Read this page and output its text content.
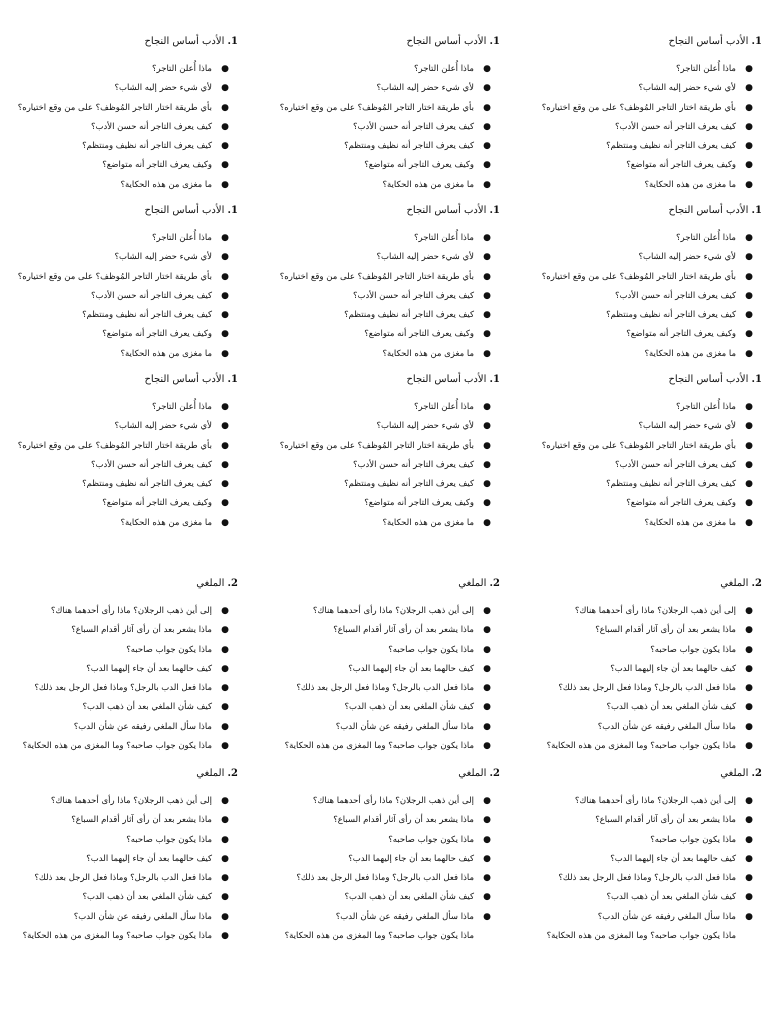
1. الأدب أساس النجاح
●
ماذا أُعلن التاجر؟
●
لأي شيء حضر إليه الشاب؟
●
بأي طريقة اختار التاجر المُوظف؟ على من وقع اختياره؟
●
كيف يعرف التاجر أنه حسن الأدب؟
●
كيف يعرف التاجر أنه نظيف ومنتظم؟
●
وكيف يعرف التاجر أنه متواضع؟
●
ما مغزى من هذه الحكاية؟
1. الأدب أساس النجاح
●
ماذا أُعلن التاجر؟
●
لأي شيء حضر إليه الشاب؟
●
بأي طريقة اختار التاجر المُوظف؟ على من وقع اختياره؟
●
كيف يعرف التاجر أنه حسن الأدب؟
●
كيف يعرف التاجر أنه نظيف ومنتظم؟
●
وكيف يعرف التاجر أنه متواضع؟
●
ما مغزى من هذه الحكاية؟
1. الأدب أساس النجاح
●
ماذا أُعلن التاجر؟
●
لأي شيء حضر إليه الشاب؟
●
بأي طريقة اختار التاجر المُوظف؟ على من وقع اختياره؟
●
كيف يعرف التاجر أنه حسن الأدب؟
●
كيف يعرف التاجر أنه نظيف ومنتظم؟
●
وكيف يعرف التاجر أنه متواضع؟
●
ما مغزى من هذه الحكاية؟
1. الأدب أساس النجاح
●
ماذا أُعلن التاجر؟
●
لأي شيء حضر إليه الشاب؟
●
بأي طريقة اختار التاجر المُوظف؟ على من وقع اختياره؟
●
كيف يعرف التاجر أنه حسن الأدب؟
●
كيف يعرف التاجر أنه نظيف ومنتظم؟
●
وكيف يعرف التاجر أنه متواضع؟
●
ما مغزى من هذه الحكاية؟
1. الأدب أساس النجاح
●
ماذا أُعلن التاجر؟
●
لأي شيء حضر إليه الشاب؟
●
بأي طريقة اختار التاجر المُوظف؟ على من وقع اختياره؟
●
كيف يعرف التاجر أنه حسن الأدب؟
●
كيف يعرف التاجر أنه نظيف ومنتظم؟
●
وكيف يعرف التاجر أنه متواضع؟
●
ما مغزى من هذه الحكاية؟
1. الأدب أساس النجاح
●
ماذا أُعلن التاجر؟
●
لأي شيء حضر إليه الشاب؟
●
بأي طريقة اختار التاجر المُوظف؟ على من وقع اختياره؟
●
كيف يعرف التاجر أنه حسن الأدب؟
●
كيف يعرف التاجر أنه نظيف ومنتظم؟
●
وكيف يعرف التاجر أنه متواضع؟
●
ما مغزى من هذه الحكاية؟
1. الأدب أساس النجاح
●
ماذا أُعلن التاجر؟
●
لأي شيء حضر إليه الشاب؟
●
بأي طريقة اختار التاجر المُوظف؟ على من وقع اختياره؟
●
كيف يعرف التاجر أنه حسن الأدب؟
●
كيف يعرف التاجر أنه نظيف ومنتظم؟
●
وكيف يعرف التاجر أنه متواضع؟
●
ما مغزى من هذه الحكاية؟
1. الأدب أساس النجاح
●
ماذا أُعلن التاجر؟
●
لأي شيء حضر إليه الشاب؟
●
بأي طريقة اختار التاجر المُوظف؟ على من وقع اختياره؟
●
كيف يعرف التاجر أنه حسن الأدب؟
●
كيف يعرف التاجر أنه نظيف ومنتظم؟
●
وكيف يعرف التاجر أنه متواضع؟
●
ما مغزى من هذه الحكاية؟
1. الأدب أساس النجاح
●
ماذا أُعلن التاجر؟
●
لأي شيء حضر إليه الشاب؟
●
بأي طريقة اختار التاجر المُوظف؟ على من وقع اختياره؟
●
كيف يعرف التاجر أنه حسن الأدب؟
●
كيف يعرف التاجر أنه نظيف ومنتظم؟
●
وكيف يعرف التاجر أنه متواضع؟
●
ما مغزى من هذه الحكاية؟
2. الملغي
●
إلى أين ذهب الرجلان؟ ماذا رأى أحدهما هناك؟
●
ماذا يشعر بعد أن رأى آثار أقدام السباع؟
●
ماذا يكون جواب صاحبه؟
●
كيف حالهما بعد أن جاء إليهما الدب؟
●
ماذا فعل الدب بالرجل؟ وماذا فعل الرجل بعد ذلك؟
●
كيف شأن الملغي بعد أن ذهب الدب؟
●
ماذا سأل الملغي رفيقه عن شأن الدب؟
●
ماذا يكون جواب صاحبه؟ وما المغزى من هذه الحكاية؟
2. الملغي
●
إلى أين ذهب الرجلان؟ ماذا رأى أحدهما هناك؟
●
ماذا يشعر بعد أن رأى آثار أقدام السباع؟
●
ماذا يكون جواب صاحبه؟
●
كيف حالهما بعد أن جاء إليهما الدب؟
●
ماذا فعل الدب بالرجل؟ وماذا فعل الرجل بعد ذلك؟
●
كيف شأن الملغي بعد أن ذهب الدب؟
●
ماذا سأل الملغي رفيقه عن شأن الدب؟
●
ماذا يكون جواب صاحبه؟ وما المغزى من هذه الحكاية؟
2. الملغي
●
إلى أين ذهب الرجلان؟ ماذا رأى أحدهما هناك؟
●
ماذا يشعر بعد أن رأى آثار أقدام السباع؟
●
ماذا يكون جواب صاحبه؟
●
كيف حالهما بعد أن جاء إليهما الدب؟
●
ماذا فعل الدب بالرجل؟ وماذا فعل الرجل بعد ذلك؟
●
كيف شأن الملغي بعد أن ذهب الدب؟
●
ماذا سأل الملغي رفيقه عن شأن الدب؟
●
ماذا يكون جواب صاحبه؟ وما المغزى من هذه الحكاية؟
2. الملغي
●
إلى أين ذهب الرجلان؟ ماذا رأى أحدهما هناك؟
●
ماذا يشعر بعد أن رأى آثار أقدام السباع؟
●
ماذا يكون جواب صاحبه؟
●
كيف حالهما بعد أن جاء إليهما الدب؟
●
ماذا فعل الدب بالرجل؟ وماذا فعل الرجل بعد ذلك؟
●
كيف شأن الملغي بعد أن ذهب الدب؟
●
ماذا سأل الملغي رفيقه عن شأن الدب؟
ماذا يكون جواب صاحبه؟ وما المغزى من هذه الحكاية؟
2. الملغي
●
إلى أين ذهب الرجلان؟ ماذا رأى أحدهما هناك؟
●
ماذا يشعر بعد أن رأى آثار أقدام السباع؟
●
ماذا يكون جواب صاحبه؟
●
كيف حالهما بعد أن جاء إليهما الدب؟
●
ماذا فعل الدب بالرجل؟ وماذا فعل الرجل بعد ذلك؟
●
كيف شأن الملغي بعد أن ذهب الدب؟
●
ماذا سأل الملغي رفيقه عن شأن الدب؟
ماذا يكون جواب صاحبه؟ وما المغزى من هذه الحكاية؟
2. الملغي
●
إلى أين ذهب الرجلان؟ ماذا رأى أحدهما هناك؟
●
ماذا يشعر بعد أن رأى آثار أقدام السباع؟
●
ماذا يكون جواب صاحبه؟
●
كيف حالهما بعد أن جاء إليهما الدب؟
●
ماذا فعل الدب بالرجل؟ وماذا فعل الرجل بعد ذلك؟
●
كيف شأن الملغي بعد أن ذهب الدب؟
●
ماذا سأل الملغي رفيقه عن شأن الدب؟
●
ماذا يكون جواب صاحبه؟ وما المغزى من هذه الحكاية؟
